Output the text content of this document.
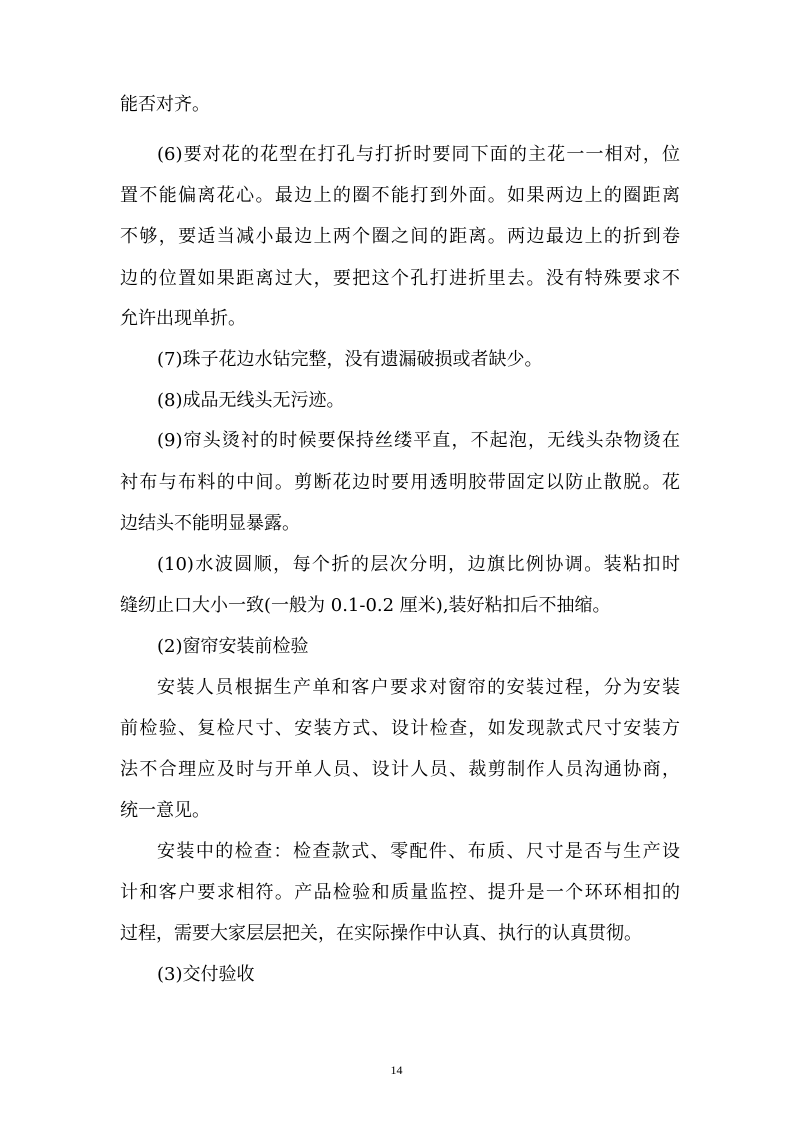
能否对齐。
(6)要对花的花型在打孔与打折时要同下面的主花一一相对，位
置不能偏离花心。最边上的圈不能打到外面。如果两边上的圈距离
不够，要适当减小最边上两个圈之间的距离。两边最边上的折到卷
边的位置如果距离过大，要把这个孔打进折里去。没有特殊要求不
允许出现单折。
(7)珠子花边水钻完整，没有遗漏破损或者缺少。
(8)成品无线头无污迹。
(9)帘头烫衬的时候要保持丝缕平直，不起泡，无线头杂物烫在
衬布与布料的中间。剪断花边时要用透明胶带固定以防止散脱。花
边结头不能明显暴露。
(10)水波圆顺，每个折的层次分明，边旗比例协调。装粘扣时
缝纫止口大小一致(一般为 0.1-0.2 厘米),装好粘扣后不抽缩。
(2)窗帘安装前检验
安装人员根据生产单和客户要求对窗帘的安装过程，分为安装
前检验、复检尺寸、安装方式、设计检查，如发现款式尺寸安装方
法不合理应及时与开单人员、设计人员、裁剪制作人员沟通协商，
统一意见。
安装中的检查：检查款式、零配件、布质、尺寸是否与生产设
计和客户要求相符。产品检验和质量监控、提升是一个环环相扣的
过程，需要大家层层把关，在实际操作中认真、执行的认真贯彻。
(3)交付验收
14
